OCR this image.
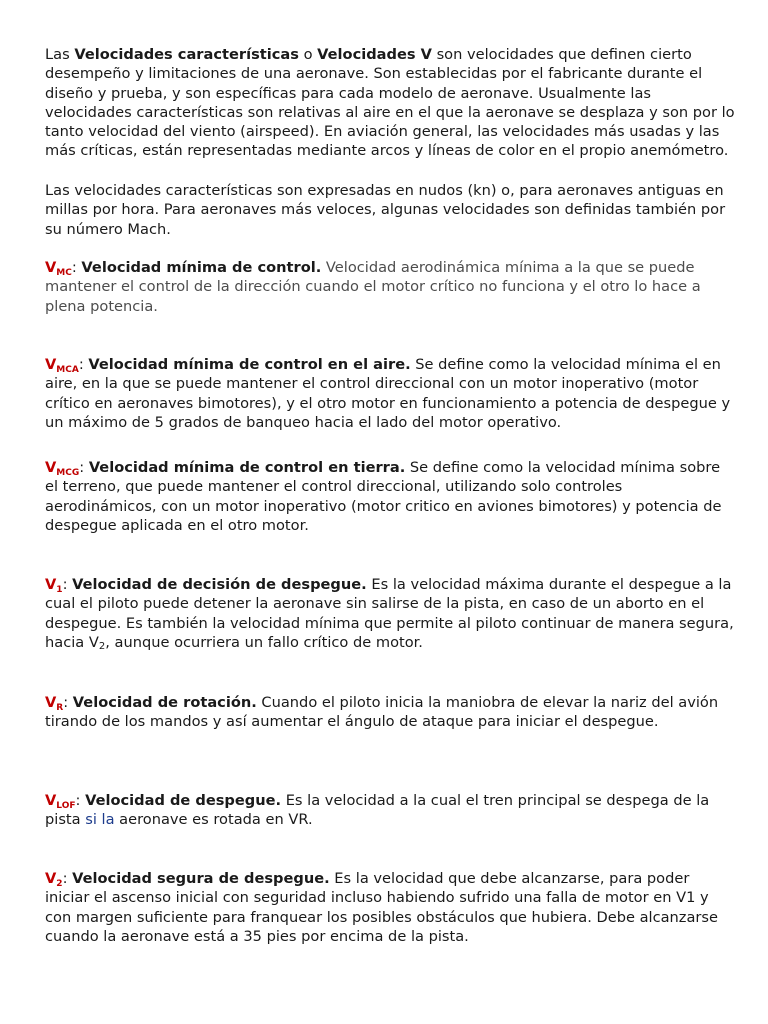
Las Velocidades características o Velocidades V son velocidades que definen cierto desempeño y limitaciones de una aeronave. Son establecidas por el fabricante durante el diseño y prueba, y son específicas para cada modelo de aeronave. Usualmente las velocidades características son relativas al aire en el que la aeronave se desplaza y son por lo tanto velocidad del viento (airspeed). En aviación general, las velocidades más usadas y las más críticas, están representadas mediante arcos y líneas de color en el propio anemómetro.

Las velocidades características son expresadas en nudos (kn) o, para aeronaves antiguas en millas por hora. Para aeronaves más veloces, algunas velocidades son definidas también por su número Mach.

$V_{MC}$: Velocidad mínima de control. Velocidad aerodinámica mínima a la que se puede mantener el control de la dirección cuando el motor crítico no funciona y el otro lo hace a plena potencia.

$V_{MCA}$: Velocidad mínima de control en el aire. Se define como la velocidad mínima el en aire, en la que se puede mantener el control direccional con un motor inoperativo (motor crítico en aeronaves bimotores), y el otro motor en funcionamiento a potencia de despegue y un máximo de 5 grados de banqueo hacia el lado del motor operativo.

$V_{MCG}$: Velocidad mínima de control en tierra. Se define como la velocidad mínima sobre el terreno, que puede mantener el control direccional, utilizando solo controles aerodinámicos, con un motor inoperativo (motor critico en aviones bimotores) y potencia de despegue aplicada en el otro motor.

$V_1$: Velocidad de decisión de despegue. Es la velocidad máxima durante el despegue a la cual el piloto puede detener la aeronave sin salirse de la pista, en caso de un aborto en el despegue. Es también la velocidad mínima que permite al piloto continuar de manera segura, hacia V2, aunque ocurriera un fallo crítico de motor.

$V_R$: Velocidad de rotación. Cuando el piloto inicia la maniobra de elevar la nariz del avión tirando de los mandos y así aumentar el ángulo de ataque para iniciar el despegue.

$V_{LOF}$: Velocidad de despegue. Es la velocidad a la cual el tren principal se despega de la pista si la aeronave es rotada en VR.

$V_2$: Velocidad segura de despegue. Es la velocidad que debe alcanzarse, para poder iniciar el ascenso inicial con seguridad incluso habiendo sufrido una falla de motor en V1 y con margen suficiente para franquear los posibles obstáculos que hubiera. Debe alcanzarse cuando la aeronave está a 35 pies por encima de la pista.
